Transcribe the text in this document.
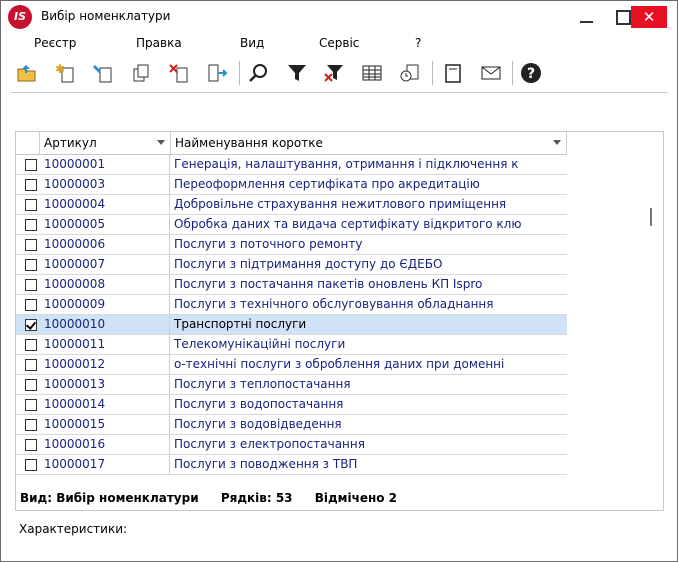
IS	Вибір номенклатури	✕
Реєстр	Правка	Вид	Сервіс	?
✱	?
Артикул	Найменування коротке
10000001	Генерація, налаштування, отримання і підключення к
10000003	Переоформлення сертифіката про акредитацію
10000004	Добровільне страхування нежитлового приміщення
10000005	Обробка даних та видача сертифікату відкритого клю
10000006	Послуги з поточного ремонту
10000007	Послуги з підтримання доступу до ЄДЕБО
10000008	Послуги з постачання пакетів оновлень КП Ispro
10000009	Послуги з технічного обслуговування обладнання
10000010	Транспортні послуги
10000011	Телекомунікаційні послуги
10000012	о-технічні послуги з оброблення даних при доменні
10000013	Послуги з теплопостачання
10000014	Послуги з водопостачання
10000015	Послуги з водовідведення
10000016	Послуги з електропостачання
10000017	Послуги з поводження з ТВП
Вид: Вибір номенклатури Рядків: 53 Відмічено 2
Характеристики:
